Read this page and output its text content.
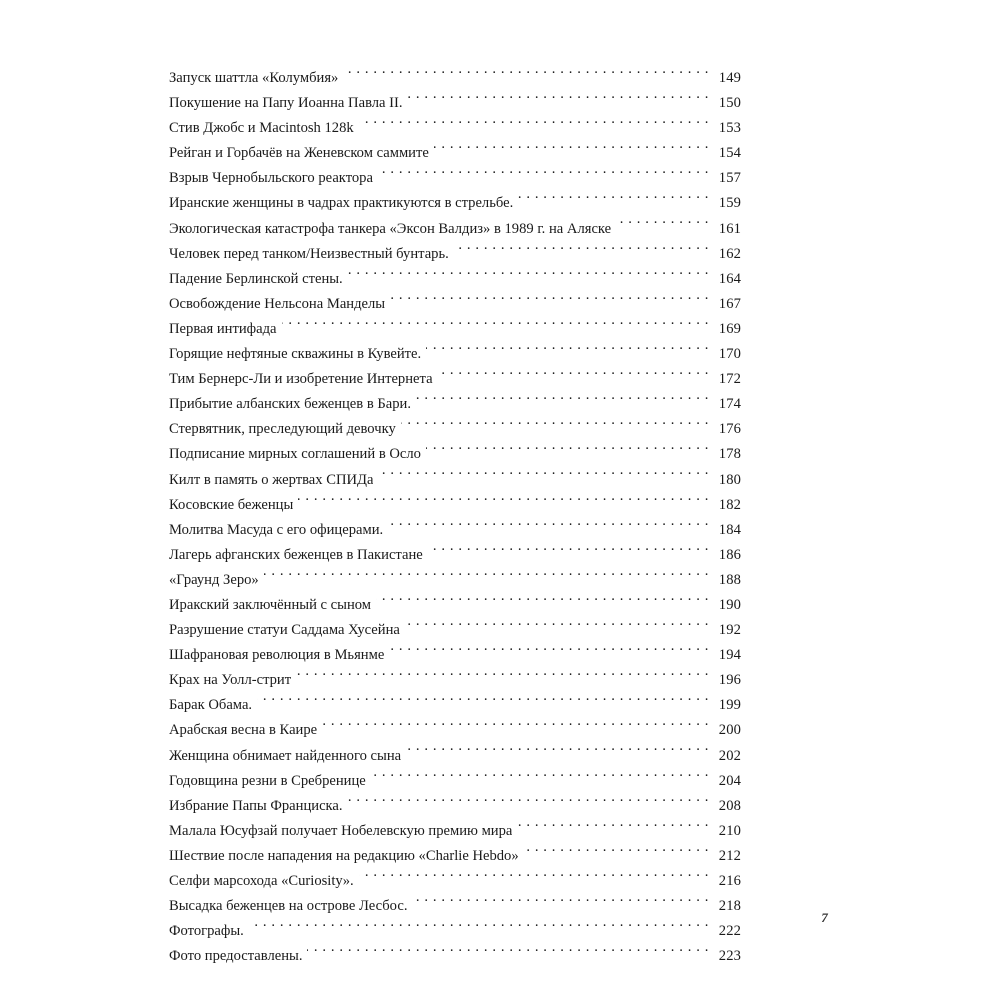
Запуск шаттла «Колумбия» . . .	149
Покушение на Папу Иоанна Павла II. . . .	150
Стив Джобс и Macintosh 128k . . .	153
Рейган и Горбачёв на Женевском саммите . . .	154
Взрыв Чернобыльского реактора . . .	157
Иранские женщины в чадрах практикуются в стрельбе. . . .	159
Экологическая катастрофа танкера «Эксон Валдиз» в 1989 г. на Аляске . . .	161
Человек перед танком/Неизвестный бунтарь. . . .	162
Падение Берлинской стены. . . .	164
Освобождение Нельсона Манделы . . .	167
Первая интифада . . .	169
Горящие нефтяные скважины в Кувейте. . . .	170
Тим Бернерс-Ли и изобретение Интернета . . .	172
Прибытие албанских беженцев в Бари. . . .	174
Стервятник, преследующий девочку . . .	176
Подписание мирных соглашений в Осло . . .	178
Килт в память о жертвах СПИДа . . .	180
Косовские беженцы . . .	182
Молитва Масуда с его офицерами. . . .	184
Лагерь афганских беженцев в Пакистане . . .	186
«Граунд Зеро» . . .	188
Иракский заключённый с сыном . . .	190
Разрушение статуи Саддама Хусейна . . .	192
Шафрановая революция в Мьянме . . .	194
Крах на Уолл-стрит . . .	196
Барак Обама. . . .	199
Арабская весна в Каире . . .	200
Женщина обнимает найденного сына . . .	202
Годовщина резни в Сребренице . . .	204
Избрание Папы Франциска. . . .	208
Малала Юсуфзай получает Нобелевскую премию мира . . .	210
Шествие после нападения на редакцию «Charlie Hebdo» . . .	212
Селфи марсохода «Curiosity». . . .	216
Высадка беженцев на острове Лесбос. . . .	218
Фотографы. . . .	222
Фото предоставлены. . . .	223
7
